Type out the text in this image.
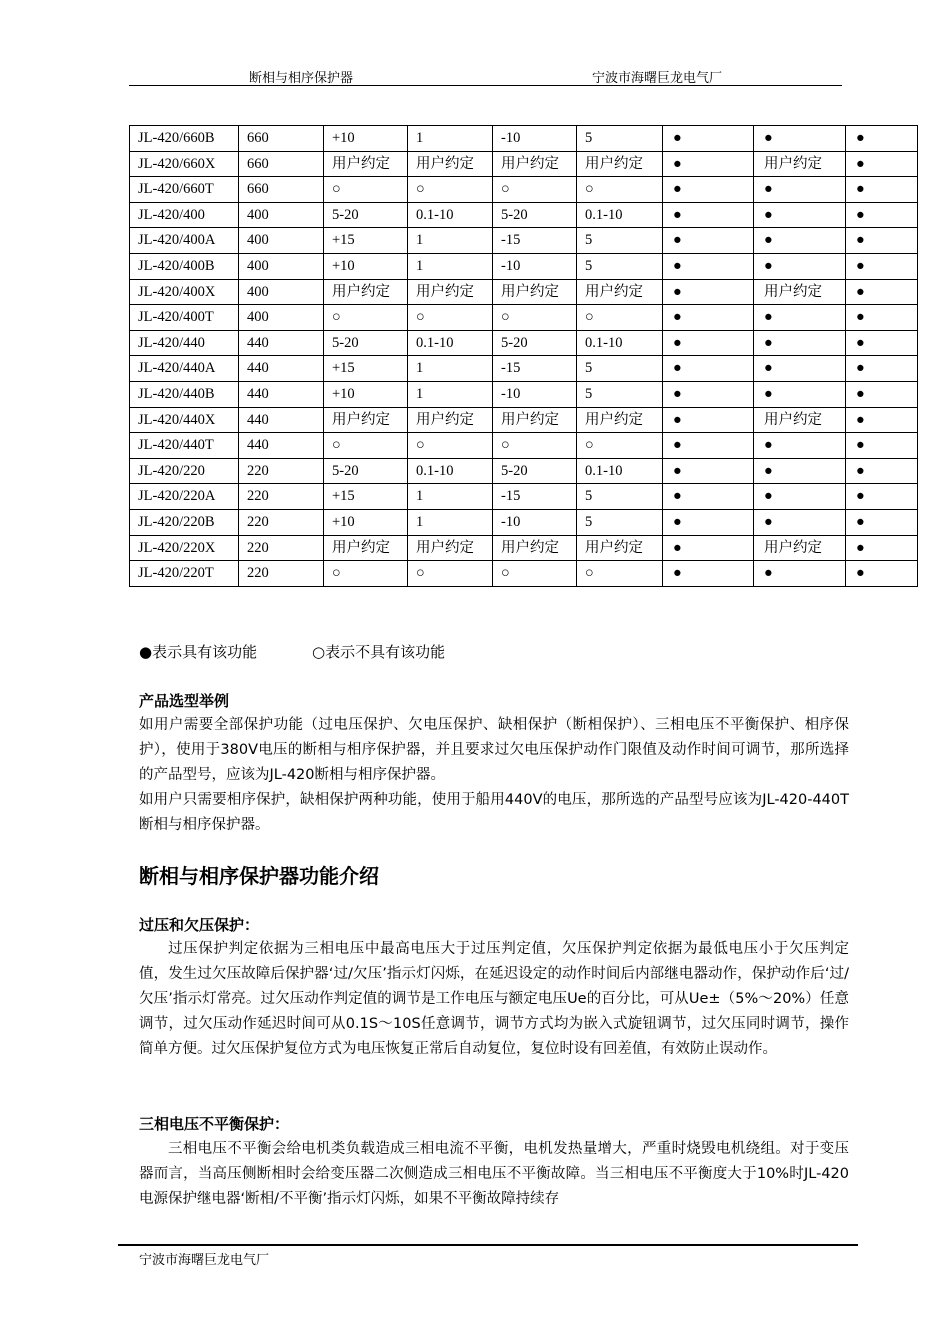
断相与相序保护器	宁波市海曙巨龙电气厂
JL-420/660B	660	+10	1	-10	5	●	●	●
JL-420/660X	660	用户约定	用户约定	用户约定	用户约定	●	用户约定	●
JL-420/660T	660	○	○	○	○	●	●	●
JL-420/400	400	5-20	0.1-10	5-20	0.1-10	●	●	●
JL-420/400A	400	+15	1	-15	5	●	●	●
JL-420/400B	400	+10	1	-10	5	●	●	●
JL-420/400X	400	用户约定	用户约定	用户约定	用户约定	●	用户约定	●
JL-420/400T	400	○	○	○	○	●	●	●
JL-420/440	440	5-20	0.1-10	5-20	0.1-10	●	●	●
JL-420/440A	440	+15	1	-15	5	●	●	●
JL-420/440B	440	+10	1	-10	5	●	●	●
JL-420/440X	440	用户约定	用户约定	用户约定	用户约定	●	用户约定	●
JL-420/440T	440	○	○	○	○	●	●	●
JL-420/220	220	5-20	0.1-10	5-20	0.1-10	●	●	●
JL-420/220A	220	+15	1	-15	5	●	●	●
JL-420/220B	220	+10	1	-10	5	●	●	●
JL-420/220X	220	用户约定	用户约定	用户约定	用户约定	●	用户约定	●
JL-420/220T	220	○	○	○	○	●	●	●
●表示具有该功能	○表示不具有该功能
产品选型举例
如用户需要全部保护功能（过电压保护、欠电压保护、缺相保护（断相保护）、三相电压不平衡保护、相序保护），使用于380V电压的断相与相序保护器，并且要求过欠电压保护动作门限值及动作时间可调节，那所选择的产品型号，应该为JL-420断相与相序保护器。
如用户只需要相序保护，缺相保护两种功能，使用于船用440V的电压，那所选的产品型号应该为JL-420-440T断相与相序保护器。
断相与相序保护器功能介绍
过压和欠压保护：
过压保护判定依据为三相电压中最高电压大于过压判定值，欠压保护判定依据为最低电压小于欠压判定值，发生过欠压故障后保护器‘过/欠压’指示灯闪烁，在延迟设定的动作时间后内部继电器动作，保护动作后‘过/欠压’指示灯常亮。过欠压动作判定值的调节是工作电压与额定电压Ue的百分比，可从Ue±（5%～20%）任意调节，过欠压动作延迟时间可从0.1S～10S任意调节，调节方式均为嵌入式旋钮调节，过欠压同时调节，操作简单方便。过欠压保护复位方式为电压恢复正常后自动复位，复位时设有回差值，有效防止误动作。
三相电压不平衡保护：
三相电压不平衡会给电机类负载造成三相电流不平衡，电机发热量增大，严重时烧毁电机绕组。对于变压器而言，当高压侧断相时会给变压器二次侧造成三相电压不平衡故障。当三相电压不平衡度大于10%时JL-420电源保护继电器‘断相/不平衡’指示灯闪烁，如果不平衡故障持续存
宁波市海曙巨龙电气厂
